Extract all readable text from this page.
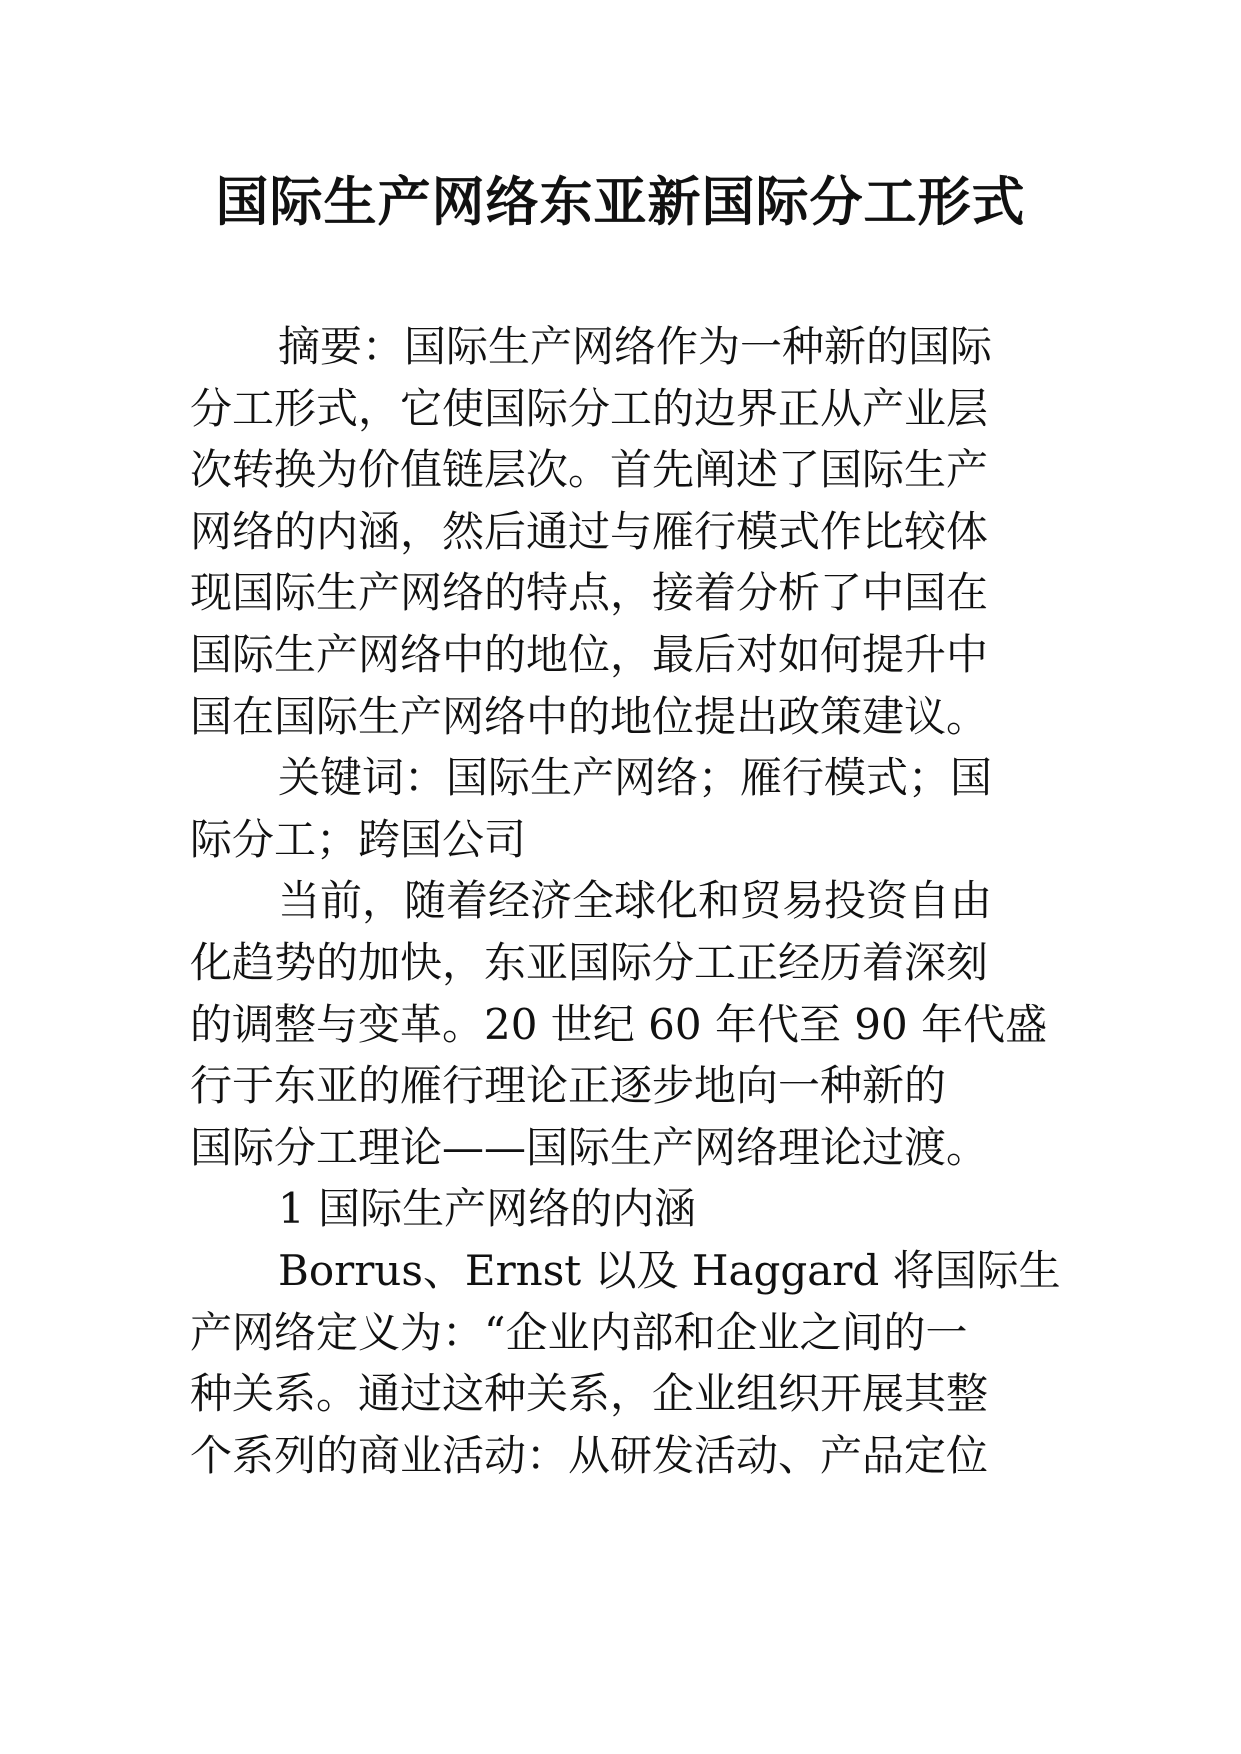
国际生产网络东亚新国际分工形式
摘要：国际生产网络作为一种新的国际
分工形式，它使国际分工的边界正从产业层
次转换为价值链层次。首先阐述了国际生产
网络的内涵，然后通过与雁行模式作比较体
现国际生产网络的特点，接着分析了中国在
国际生产网络中的地位，最后对如何提升中
国在国际生产网络中的地位提出政策建议。
关键词：国际生产网络；雁行模式；国
际分工；跨国公司
当前，随着经济全球化和贸易投资自由
化趋势的加快，东亚国际分工正经历着深刻
的调整与变革。20 世纪 60 年代至 90 年代盛
行于东亚的雁行理论正逐步地向一种新的
国际分工理论——国际生产网络理论过渡。
1 国际生产网络的内涵
Borrus、Ernst 以及 Haggard 将国际生
产网络定义为：“企业内部和企业之间的一
种关系。通过这种关系，企业组织开展其整
个系列的商业活动：从研发活动、产品定位
